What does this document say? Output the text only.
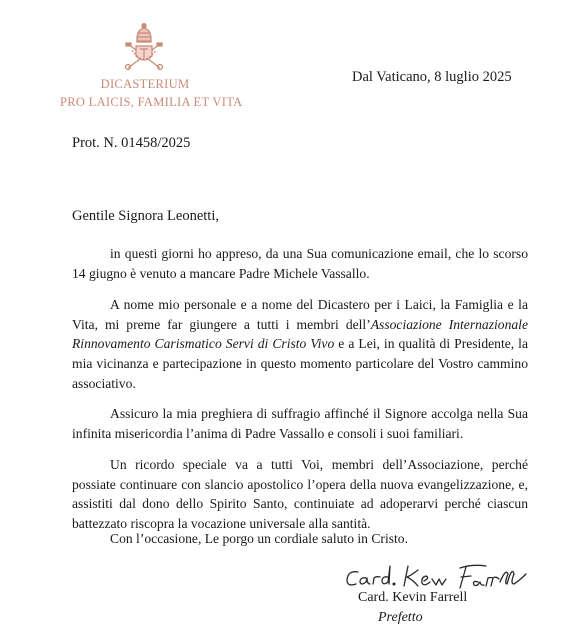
DICASTERIUM
PRO LAICIS, FAMILIA ET VITA
Dal Vaticano, 8 luglio 2025
Prot. N. 01458/2025
Gentile Signora Leonetti,

in questi giorni ho appreso, da una Sua comunicazione email, che lo scorso 14 giugno è venuto a mancare Padre Michele Vassallo.

A nome mio personale e a nome del Dicastero per i Laici, la Famiglia e la Vita, mi preme far giungere a tutti i membri dell’Associazione Internazionale Rinnovamento Carismatico Servi di Cristo Vivo e a Lei, in qualità di Presidente, la mia vicinanza e partecipazione in questo momento particolare del Vostro cammino associativo.

Assicuro la mia preghiera di suffragio affinché il Signore accolga nella Sua infinita misericordia l’anima di Padre Vassallo e consoli i suoi familiari.

Un ricordo speciale va a tutti Voi, membri dell’Associazione, perché possiate continuare con slancio apostolico l’opera della nuova evangelizzazione, e, assistiti dal dono dello Spirito Santo, continuiate ad adoperarvi perché ciascun battezzato riscopra la vocazione universale alla santità.

Con l’occasione, Le porgo un cordiale saluto in Cristo.

Card. Kevin Farrell
Prefetto
